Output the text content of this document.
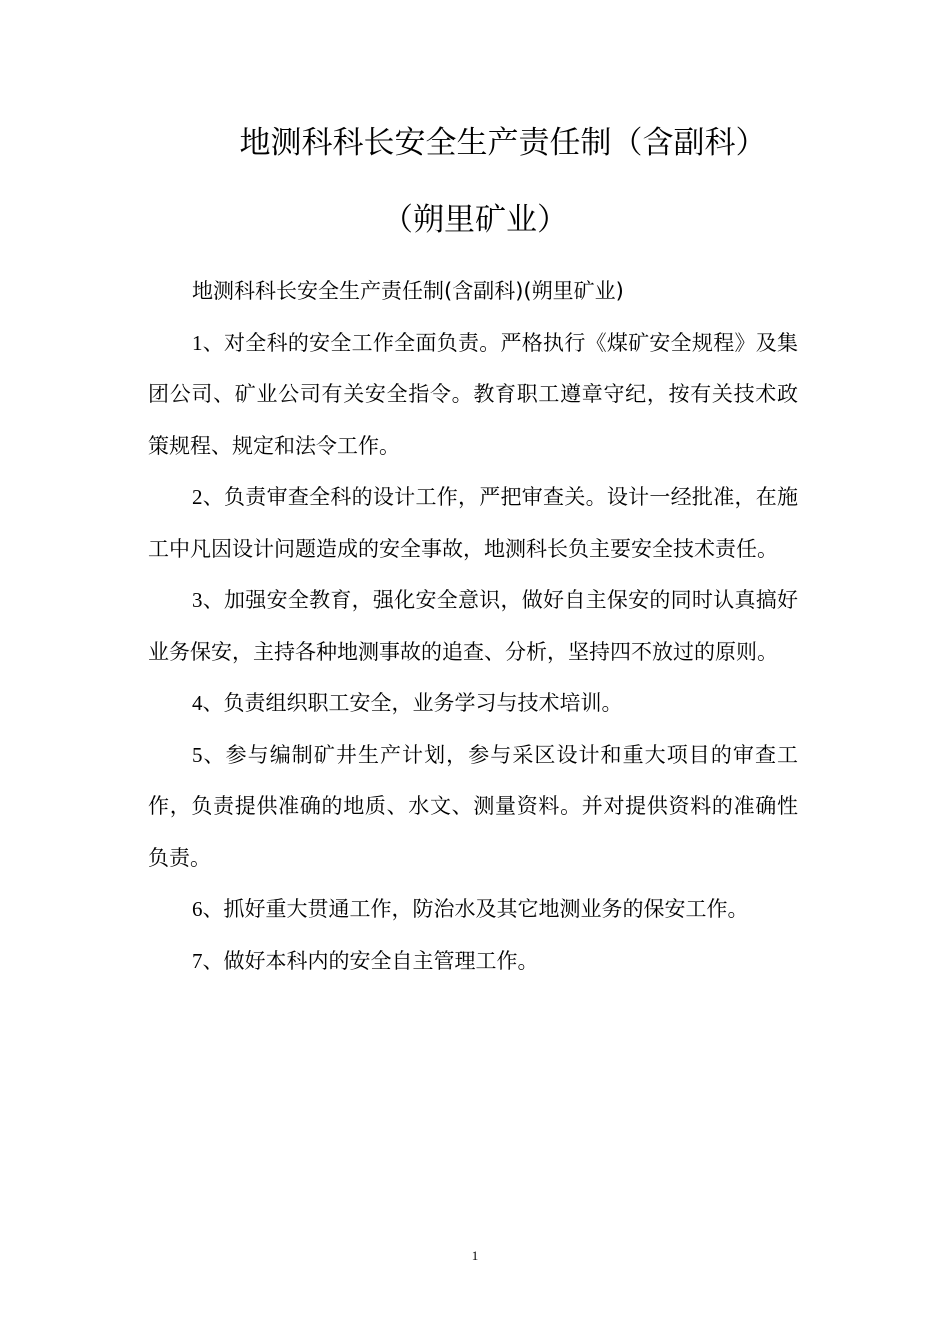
地测科科长安全生产责任制（含副科）
（朔里矿业）

地测科科长安全生产责任制(含副科)(朔里矿业)

1、对全科的安全工作全面负责。严格执行《煤矿安全规程》及集团公司、矿业公司有关安全指令。教育职工遵章守纪，按有关技术政策规程、规定和法令工作。

2、负责审查全科的设计工作，严把审查关。设计一经批准，在施工中凡因设计问题造成的安全事故，地测科长负主要安全技术责任。

3、加强安全教育，强化安全意识，做好自主保安的同时认真搞好业务保安，主持各种地测事故的追查、分析，坚持四不放过的原则。

4、负责组织职工安全，业务学习与技术培训。

5、参与编制矿井生产计划，参与采区设计和重大项目的审查工作，负责提供准确的地质、水文、测量资料。并对提供资料的准确性负责。

6、抓好重大贯通工作，防治水及其它地测业务的保安工作。

7、做好本科内的安全自主管理工作。

1
